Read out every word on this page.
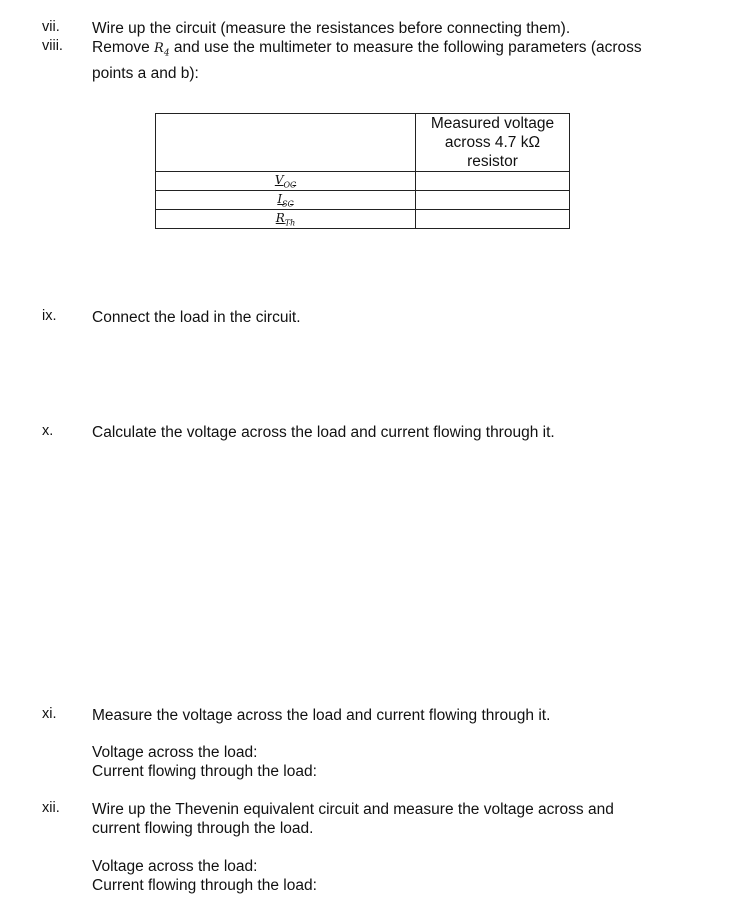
vii. Wire up the circuit (measure the resistances before connecting them).
viii. Remove $R_4$ and use the multimeter to measure the following parameters (across
points a and b):
	Measured voltage
across 4.7 kΩ
resistor
$V_{OC}$	
$I_{SC}$	
$R_{Th}$	
ix. Connect the load in the circuit.
x. Calculate the voltage across the load and current flowing through it.
xi. Measure the voltage across the load and current flowing through it.
Voltage across the load:
Current flowing through the load:
xii. Wire up the Thevenin equivalent circuit and measure the voltage across and
current flowing through the load.
Voltage across the load:
Current flowing through the load:
